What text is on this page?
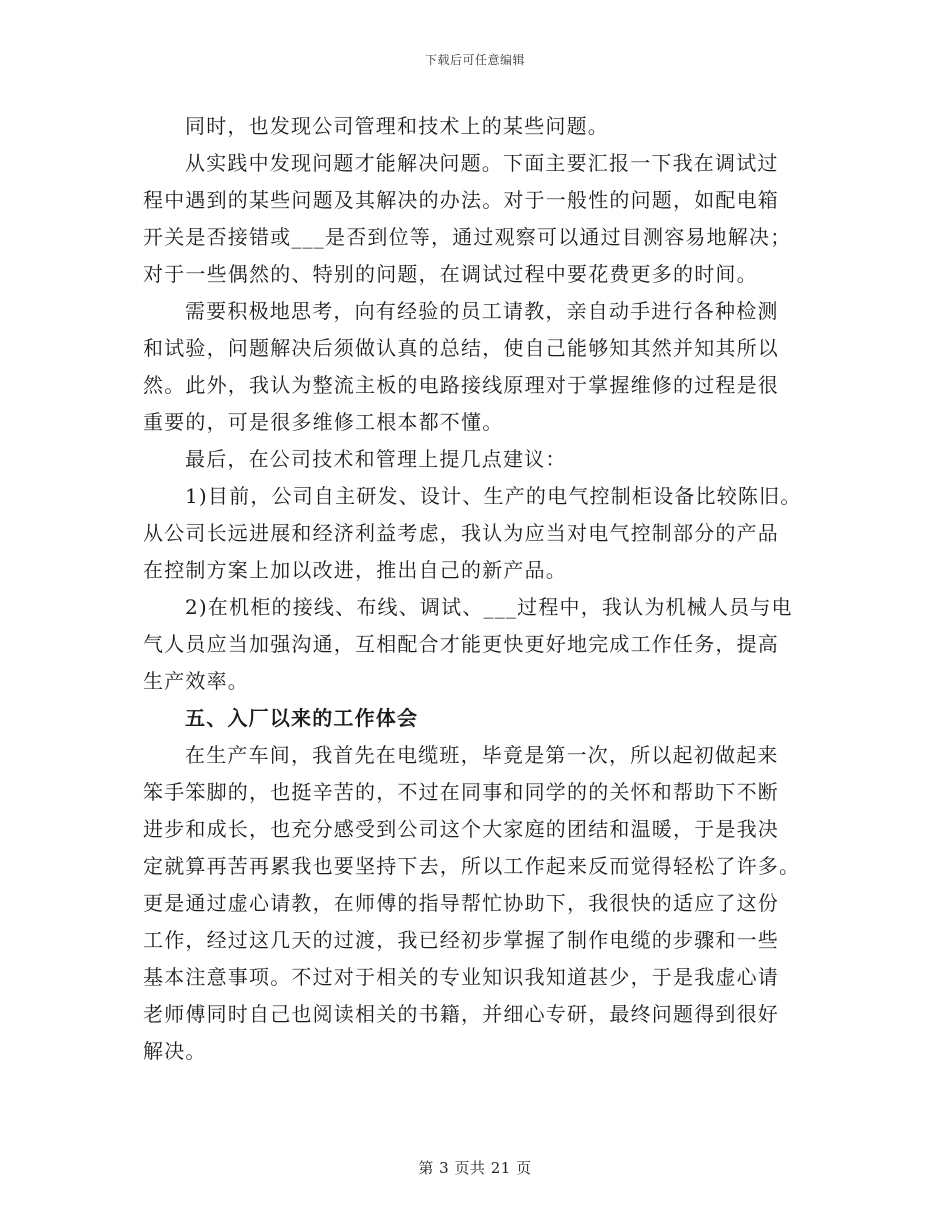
下载后可任意编辑
同时，也发现公司管理和技术上的某些问题。
从实践中发现问题才能解决问题。下面主要汇报一下我在调试过
程中遇到的某些问题及其解决的办法。对于一般性的问题，如配电箱
开关是否接错或___是否到位等，通过观察可以通过目测容易地解决；
对于一些偶然的、特别的问题，在调试过程中要花费更多的时间。
需要积极地思考，向有经验的员工请教，亲自动手进行各种检测
和试验，问题解决后须做认真的总结，使自己能够知其然并知其所以
然。此外，我认为整流主板的电路接线原理对于掌握维修的过程是很
重要的，可是很多维修工根本都不懂。
最后，在公司技术和管理上提几点建议：
1)目前，公司自主研发、设计、生产的电气控制柜设备比较陈旧。
从公司长远进展和经济利益考虑，我认为应当对电气控制部分的产品
在控制方案上加以改进，推出自己的新产品。
2)在机柜的接线、布线、调试、___过程中，我认为机械人员与电
气人员应当加强沟通，互相配合才能更快更好地完成工作任务，提高
生产效率。
五、入厂以来的工作体会
在生产车间，我首先在电缆班，毕竟是第一次，所以起初做起来
笨手笨脚的，也挺辛苦的，不过在同事和同学的的关怀和帮助下不断
进步和成长，也充分感受到公司这个大家庭的团结和温暖，于是我决
定就算再苦再累我也要坚持下去，所以工作起来反而觉得轻松了许多。
更是通过虚心请教，在师傅的指导帮忙协助下，我很快的适应了这份
工作，经过这几天的过渡，我已经初步掌握了制作电缆的步骤和一些
基本注意事项。不过对于相关的专业知识我知道甚少，于是我虚心请
老师傅同时自己也阅读相关的书籍，并细心专研，最终问题得到很好
解决。
第 3 页共 21 页
